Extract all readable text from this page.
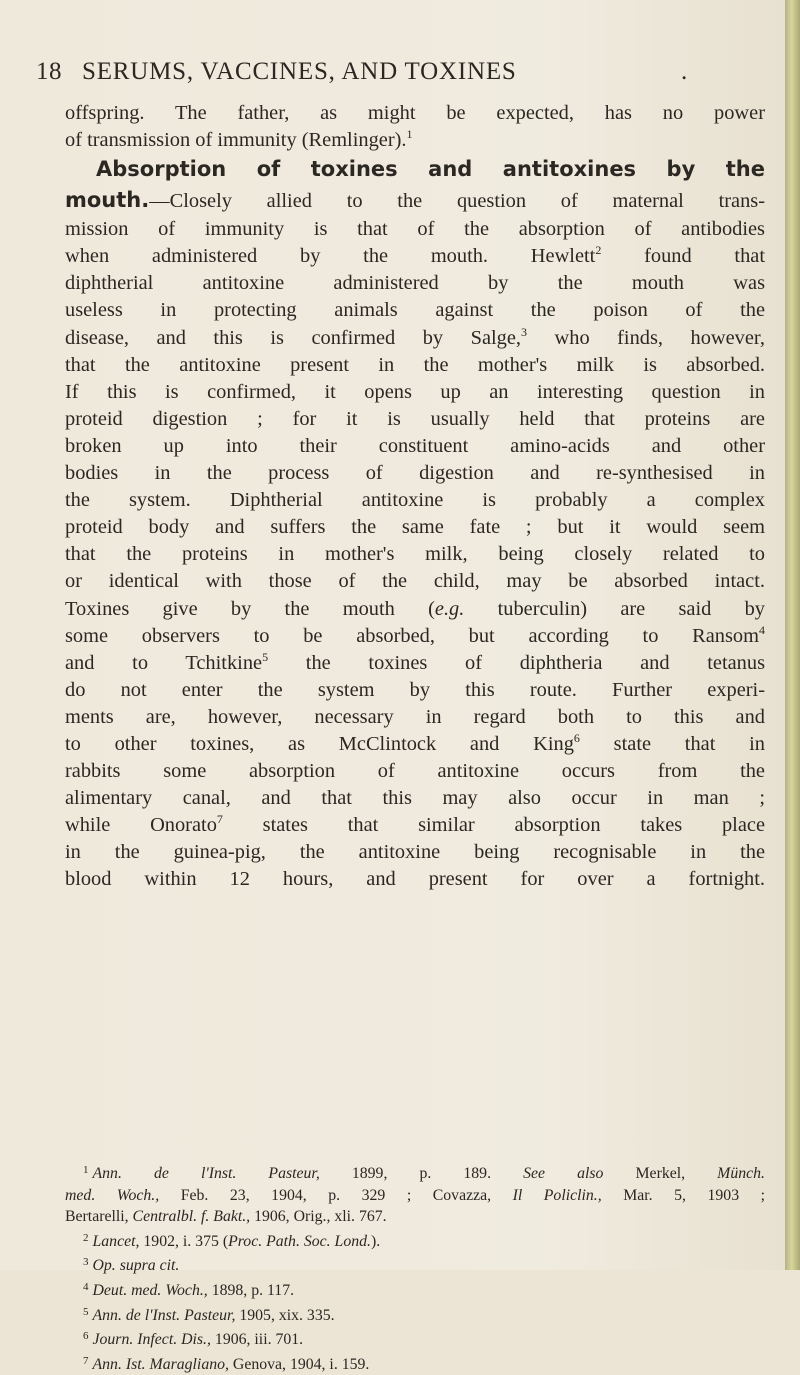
18 SERUMS, VACCINES, AND TOXINES	.
offspring. The father, as might be expected, has no power
of transmission of immunity (Remlinger).$^1$
Absorption of toxines and antitoxines by the
mouth.—Closely allied to the question of maternal trans-
mission of immunity is that of the absorption of antibodies
when administered by the mouth. Hewlett$^2$ found that
diphtherial antitoxine administered by the mouth was
useless in protecting animals against the poison of the
disease, and this is confirmed by Salge,$^3$ who finds, however,
that the antitoxine present in the mother's milk is absorbed.
If this is confirmed, it opens up an interesting question in
proteid digestion ; for it is usually held that proteins are
broken up into their constituent amino-acids and other
bodies in the process of digestion and re-synthesised in
the system. Diphtherial antitoxine is probably a complex
proteid body and suffers the same fate ; but it would seem
that the proteins in mother's milk, being closely related to
or identical with those of the child, may be absorbed intact.
Toxines give by the mouth (e.g. tuberculin) are said by
some observers to be absorbed, but according to Ransom$^4$
and to Tchitkine$^5$ the toxines of diphtheria and tetanus
do not enter the system by this route. Further experi-
ments are, however, necessary in regard both to this and
to other toxines, as McClintock and King$^6$ state that in
rabbits some absorption of antitoxine occurs from the
alimentary canal, and that this may also occur in man ;
while Onorato$^7$ states that similar absorption takes place
in the guinea-pig, the antitoxine being recognisable in the
blood within 12 hours, and present for over a fortnight.
$^1$ Ann. de l'Inst. Pasteur, 1899, p. 189. See also Merkel, Münch.
med. Woch., Feb. 23, 1904, p. 329 ; Covazza, Il Policlin., Mar. 5, 1903 ;
Bertarelli, Centralbl. f. Bakt., 1906, Orig., xli. 767.
$^2$ Lancet, 1902, i. 375 (Proc. Path. Soc. Lond.).
$^3$ Op. supra cit.
$^4$ Deut. med. Woch., 1898, p. 117.
$^5$ Ann. de l'Inst. Pasteur, 1905, xix. 335.
$^6$ Journ. Infect. Dis., 1906, iii. 701.
$^7$ Ann. Ist. Maragliano, Genova, 1904, i. 159.
